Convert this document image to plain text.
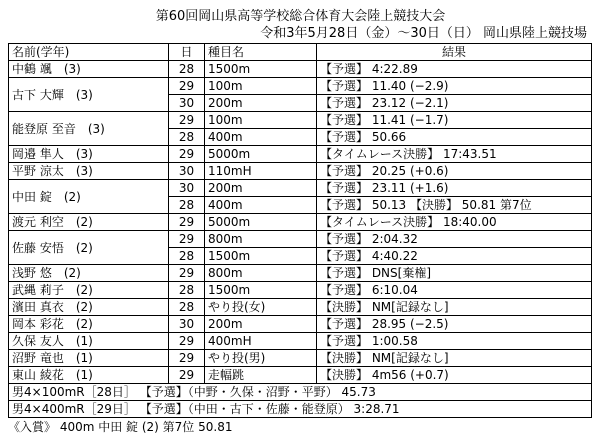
第60回岡山県高等学校総合体育大会陸上競技大会
令和3年5月28日（金）～30日（日） 岡山県陸上競技場
名前(学年)	日	種目名	結果
中鶴 颯 (3)	28	1500m	【予選】 4:22.89
古下 大輝 (3)	29	100m	【予選】 11.40 (−2.9)
	30	200m	【予選】 23.12 (−2.1)
能登原 至音 (3)	29	100m	【予選】 11.41 (−1.7)
	28	400m	【予選】 50.66
岡邉 隼人 (3)	29	5000m	【タイムレース決勝】 17:43.51
平野 涼太 (3)	30	110mH	【予選】 20.25 (+0.6)
中田 錠 (2)	30	200m	【予選】 23.11 (+1.6)
	28	400m	【予選】 50.13 【決勝】 50.81 第7位
渡元 利空 (2)	29	5000m	【タイムレース決勝】 18:40.00
佐藤 安悟 (2)	29	800m	【予選】 2:04.32
	28	1500m	【予選】 4:40.22
浅野 悠 (2)	29	800m	【予選】 DNS[棄権]
武縄 莉子 (2)	28	1500m	【予選】 6:10.04
濱田 真衣 (2)	28	やり投(女)	【決勝】 NM[記録なし]
岡本 彩花 (2)	30	200m	【予選】 28.95 (−2.5)
久保 友人 (1)	29	400mH	【予選】 1:00.58
沼野 竜也 (1)	29	やり投(男)	【決勝】 NM[記録なし]
東山 綾花 (1)	29	走幅跳	【決勝】 4m56 (+0.7)
男4×100mR［28日］ 【予選】（中野・久保・沼野・平野） 45.73			
男4×400mR［29日］ 【予選】（中田・古下・佐藤・能登原） 3:28.71			
《入賞》 400m 中田 錠 (2) 第7位 50.81
